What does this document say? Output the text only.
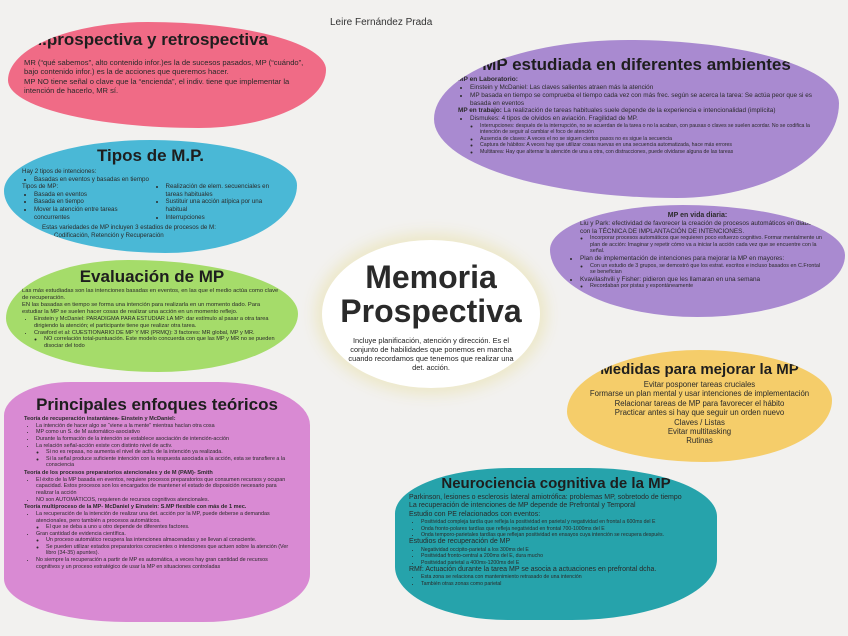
Leire Fernández Prada
M.prospectiva y retrospectiva

MR (“qué sabemos”, alto contenido infor.)es la de sucesos pasados, MP (“cuándo”, bajo contenido infor.) es la de acciones que queremos hacer.

MP NO tiene señal o clave que la “encienda”, el indiv. tiene que implementar la intención de hacerlo, MR sí.

Tipos de M.P.

Hay 2 tipos de intenciones:

• Basadas en eventos y basadas en tiempo

Tipos de MP:

• Basada en eventos
• Basada en tiempo
• Mover la atención entre tareas concurrentes
• Realización de elem. secuenciales en tareas habituales
• Sustituir una acción atípica por una habitual
• Interrupciones

Estas variedades de MP incluyen 3 estadios de procesos de M:

• Codificación, Retención y Recuperación
Evaluación de MP

Las más estudiadas son las intenciones basadas en eventos, en las que el medio actúa como clave de recuperación.

EN las basadas en tiempo se forma una intención para realizarla en un momento dado. Para estudiar la MP se suelen hacer cosas de realizar una acción en un momento reflejo.

• Einstein y McDaniel: PARADIGMA PARA ESTUDIAR LA MP: dar estímulo al pasar a otra tarea dirigiendo la atención; el participante tiene que realizar otra tarea.
• Crawford et al: CUESTIONARIO DE MP Y MR (PRMQ): 3 factores: MR global, MP y MR.
◦ NO correlación total-puntuación. Este modelo concuerda con que las MP y MR no se pueden disociar del todo
Principales enfoques teóricos

Teoría de recuperación instantánea- Einstein y McDaniel:

• La intención de hacer algo se “viene a la mente” mientras hacían otra cosa
• MP como un S. de M automático-asociativo
• Durante la formación de la intención se establece asociación de intención-acción
• La relación señal-acción existe con distinto nivel de activ.
◦ Si no es repasa, no aumenta el nivel de activ. de la intención ya realizada.
◦ Si la señal produce suficiente intención con la respuesta asociada a la acción, esta se transfiere a la consciencia

Teoría de los procesos preparatorios atencionales y de M (PAM)- Smith

• El éxito de la MP basada en eventos, requiere procesos preparatorios que consumen recursos y ocupan capacidad. Estos procesos son los encargados de mantener el estado de disposición necesario para realizar la acción
• NO son AUTOMÁTICOS, requieren de recursos cognitivos atencionales.

Teoría multiproceso de la MP- McDaniel y Einstein: S.MP flexible con más de 1 mec.

• La recuperación de la intención de realizar una det. acción por la MP, puede deberse a demandas atencionales, pero también a procesos automáticos.
◦ El que se deba a uno u otro depende de diferentes factores.
• Gran cantidad de evidencia científica.
◦ Un proceso automático recupera las intenciones almacenadas y se llevan al consciente.
◦ Se pueden utilizar estados preparatorios conscientes o intenciones que actuen sobre la atención (Ver libro (34-35) apuntes).
• No siempre la recuperación a partir de MP es automática, a veces hay gran cantidad de recursos cognitivos y un proceso estratégico de usar la MP en situaciones controladas
Memoria
Prospectiva

Incluye planificación, atención y dirección. Es el conjunto de habilidades que ponemos en marcha cuando recordamos que tenemos que realizar una det. acción.

MP estudiada en diferentes ambientes

MP en Laboratorio:

• Einstein y McDaniel: Las claves salientes atraen más la atención
• MP basada en tiempo se comprueba el tiempo cada vez con más frec. según se acerca la tarea: Se actúa peor que si es basada en eventos

MP en trabajo: La realización de tareas habituales suele depende de la experiencia e intencionalidad (implícita)

• Dismukes: 4 tipos de olvidos en aviación. Fragilidad de MP.
◦ Interrupciones: después de la interrupción, no se acuerdan de la tarea o no la acaban, con pausas o claves se suelen acordar. No se codifica la intención de seguir al cambiar el foco de atención
◦ Ausencia de claves: A veces el no se siguen ciertos pasos no es sigue la secuencia
◦ Captura de hábitos: A veces hay que utilizar cosas nuevas en una secuencia automatizada, hace más errores
◦ Multitarea: Hay que alternar la atención de una a otra, con distracciones, puede olvidarse alguna de las tareas

MP en vida diaria:

• Liu y Park: efectividad de favorecer la creación de procesos automáticos en diabéticos, con la TÉCNICA DE IMPLANTACIÓN DE INTENCIONES.
◦ Incorporar procesos automáticos que requieren poco esfuerzo cognitivo. Formar mentalmente un plan de acción: Imaginar y repetir cómo va a iniciar la acción cada vez que se encuentre con la señal.
• Plan de implementación de intenciones para mejorar la MP en mayores:
◦ Con un estudio de 3 grupos, se demostró que los estrat. escritos e incluso basados en C.Frontal se benefician
• Kvavilashvili y Fisher: pidieron que les llamaran en una semana
◦ Recordaban por pistas y espontáneamente
Medidas para mejorar la MP

Evitar posponer tareas cruciales

Formarse un plan mental y usar intenciones de implementación

Relacionar tareas de MP para favorecer el hábito

Practicar antes si hay que seguir un orden nuevo

Claves / Listas

Evitar multitasking

Rutinas

Neurociencia cognitiva de la MP

Parkinson, lesiones o esclerosis lateral amiotrófica: problemas MP, sobretodo de tiempo

La recuperación de intenciones de MP depende de Prefrontal y Temporal

Estudio con PE relacionados con eventos:

• Positividad compleja tardía que refleja la positividad en parietal y negatividad en frontal a 600ms del E
• Onda fronto-polares tardías que refleja negatividad en frontal 700-1000ms del E
• Onda temporo-parietales tardías que reflejan positividad en ensayos cuya intención se recupera después.

Estudios de recuperación de MP

• Negatividad occipito-parietal a los 300ms del E
• Positividad fronto-central a 200ms del E, dura mucho
• Positividad parietal a 400ms-1200ms del E

RMf: Actuación durante la tarea MP se asocia a actuaciones en prefrontal dcha.

• Esta zona se relaciona con mantenimiento retrasado de una intención
• También otras zonas como parietal
